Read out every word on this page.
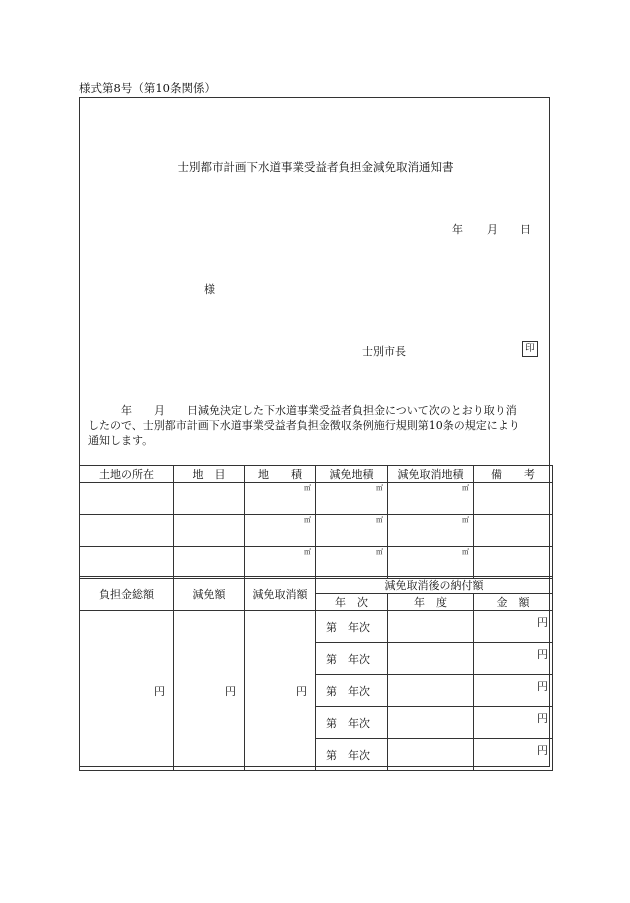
様式第8号（第10条関係）
士別都市計画下水道事業受益者負担金減免取消通知書
年 月 日
様
士別市長	印
年　　月　　日減免決定した下水道事業受益者負担金について次のとおり取り消
したので、士別都市計画下水道事業受益者負担金徴収条例施行規則第10条の規定により
通知します。
土地の所在	地　目	地　　積	減免地積	減免取消地積	備　　考
		㎡	㎡	㎡	
		㎡	㎡	㎡	
		㎡	㎡	㎡	
負担金総額	減免額	減免取消額	減免取消後の納付額		
			年　次	年　度	金　額
円	円	円	第　年次		円
			第　年次		円
			第　年次		円
			第　年次		円
			第　年次		円
